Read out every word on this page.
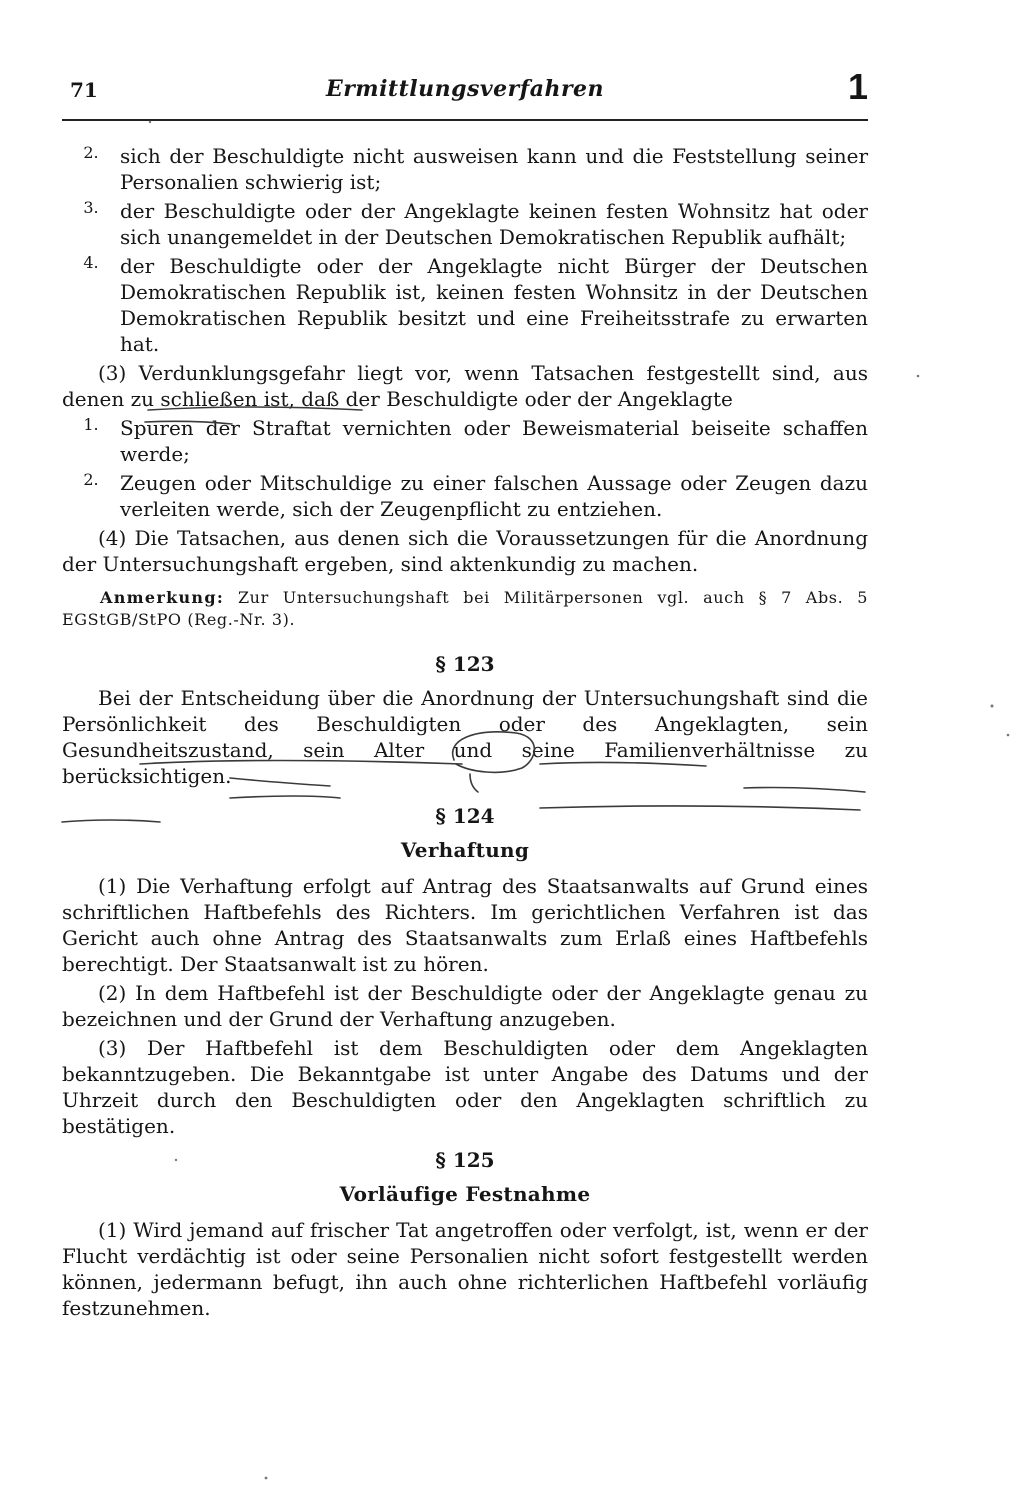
71	Ermittlungsverfahren	1
2.	sich der Beschuldigte nicht ausweisen kann und die Feststellung seiner Personalien schwierig ist;

3.	der Beschuldigte oder der Angeklagte keinen festen Wohnsitz hat oder sich unangemeldet in der Deutschen Demokratischen Republik aufhält;

4.	der Beschuldigte oder der Angeklagte nicht Bürger der Deutschen Demokratischen Republik ist, keinen festen Wohnsitz in der Deutschen Demokratischen Republik besitzt und eine Freiheitsstrafe zu erwarten hat.

(3) Verdunklungsgefahr liegt vor, wenn Tatsachen festgestellt sind, aus denen zu schließen ist, daß der Beschuldigte oder der Angeklagte

1.	Spuren der Straftat vernichten oder Beweismaterial beiseite schaffen werde;

2.	Zeugen oder Mitschuldige zu einer falschen Aussage oder Zeugen dazu verleiten werde, sich der Zeugenpflicht zu entziehen.

(4) Die Tatsachen, aus denen sich die Voraussetzungen für die Anordnung der Untersuchungshaft ergeben, sind aktenkundig zu machen.

Anmerkung: Zur Untersuchungshaft bei Militärpersonen vgl. auch § 7 Abs. 5 EGStGB/StPO (Reg.-Nr. 3).

§ 123

Bei der Entscheidung über die Anordnung der Untersuchungshaft sind die Persönlichkeit des Beschuldigten oder des Angeklagten, sein Gesundheitszustand, sein Alter und seine Familienverhältnisse zu berücksichtigen.

§ 124
Verhaftung

(1) Die Verhaftung erfolgt auf Antrag des Staatsanwalts auf Grund eines schriftlichen Haftbefehls des Richters. Im gerichtlichen Verfahren ist das Gericht auch ohne Antrag des Staatsanwalts zum Erlaß eines Haftbefehls berechtigt. Der Staatsanwalt ist zu hören.

(2) In dem Haftbefehl ist der Beschuldigte oder der Angeklagte genau zu bezeichnen und der Grund der Verhaftung anzugeben.

(3) Der Haftbefehl ist dem Beschuldigten oder dem Angeklagten bekanntzugeben. Die Bekanntgabe ist unter Angabe des Datums und der Uhrzeit durch den Beschuldigten oder den Angeklagten schriftlich zu bestätigen.

§ 125
Vorläufige Festnahme

(1) Wird jemand auf frischer Tat angetroffen oder verfolgt, ist, wenn er der Flucht verdächtig ist oder seine Personalien nicht sofort festgestellt werden können, jedermann befugt, ihn auch ohne richterlichen Haftbefehl vorläufig festzunehmen.
